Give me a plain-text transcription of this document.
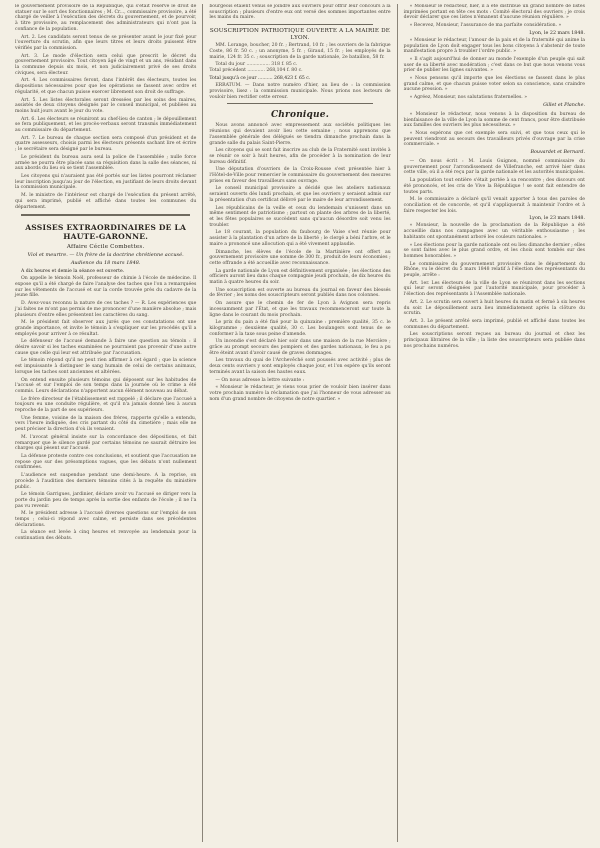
le gouvernement provisoire de la République, qui s'était réservé le droit de statuer sur le sort des fonctionnaires ; M. Cr..., commissaire provisoire, a été chargé de veiller à l'exécution des décrets du gouvernement, et de pourvoir, à titre provisoire, au remplacement des administrateurs qui n'ont pas la confiance de la population.

Art. 2. Les candidats seront tenus de se présenter avant le jour fixé pour l'ouverture du scrutin, afin que leurs titres et leurs droits puissent être vérifiés par la commission.

Art. 3. Le mode d'élection sera celui que prescrit le décret du gouvernement provisoire. Tout citoyen âgé de vingt et un ans, résidant dans la commune depuis six mois, et non judiciairement privé de ses droits civiques, sera électeur.

Art. 4. Les commissaires feront, dans l'intérêt des électeurs, toutes les dispositions nécessaires pour que les opérations se fassent avec ordre et régularité, et que chacun puisse exercer librement son droit de suffrage.

Art. 5. Les listes électorales seront dressées par les soins des maires, assistés de deux citoyens désignés par le conseil municipal, et publiées au moins huit jours avant le jour du vote.

Art. 6. Les électeurs se réuniront au chef-lieu de canton ; le dépouillement se fera publiquement, et les procès-verbaux seront transmis immédiatement au commissaire du département.

Art. 7. Le bureau de chaque section sera composé d'un président et de quatre assesseurs, choisis parmi les électeurs présents sachant lire et écrire ; le secrétaire sera désigné par le bureau.

Le président du bureau aura seul la police de l'assemblée ; nulle force armée ne pourra être placée sans sa réquisition dans la salle des séances, ni aux abords du lieu où se tient l'assemblée.

Les citoyens qui n'auraient pas été portés sur les listes pourront réclamer leur inscription jusqu'au jour de l'élection, en justifiant de leurs droits devant la commission municipale.

M. le ministre de l'intérieur est chargé de l'exécution du présent arrêté, qui sera imprimé, publié et affiché dans toutes les communes du département.

ASSISES EXTRAORDINAIRES DE LA HAUTE-GARONNE.
Affaire Cécile Combettes.
Viol et meurtre. — Un frère de la doctrine chrétienne accusé.
Audience du 18 mars 1848.

A dix heures et demie la séance est ouverte.

On appelle le témoin Noël, professeur de chimie à l'école de médecine. Il expose qu'il a été chargé de faire l'analyse des taches que l'on a remarquées sur les vêtements de l'accusé et sur la corde trouvée près du cadavre de la jeune fille.

D. Avez-vous reconnu la nature de ces taches ? — R. Les expériences que j'ai faites ne m'ont pas permis de me prononcer d'une manière absolue ; mais plusieurs d'entre elles présentent les caractères du sang.

M. le président fait observer aux jurés que ces constatations ont une grande importance, et invite le témoin à s'expliquer sur les procédés qu'il a employés pour arriver à ce résultat.

Le défenseur de l'accusé demande à faire une question au témoin : il désire savoir si les taches examinées ne pourraient pas provenir d'une autre cause que celle qui leur est attribuée par l'accusation.

Le témoin répond qu'il ne peut rien affirmer à cet égard ; que la science est impuissante à distinguer le sang humain de celui de certains animaux, lorsque les taches sont anciennes et altérées.

On entend ensuite plusieurs témoins qui déposent sur les habitudes de l'accusé et sur l'emploi de son temps dans la journée où le crime a été commis. Leurs déclarations n'apportent aucun élément nouveau au débat.

Le frère directeur de l'établissement est rappelé ; il déclare que l'accusé a toujours eu une conduite régulière, et qu'il n'a jamais donné lieu à aucun reproche de la part de ses supérieurs.

Une femme, voisine de la maison des frères, rapporte qu'elle a entendu, vers l'heure indiquée, des cris partant du côté du cimetière ; mais elle ne peut préciser la direction d'où ils venaient.

M. l'avocat général insiste sur la concordance des dépositions, et fait remarquer que le silence gardé par certains témoins ne saurait détruire les charges qui pèsent sur l'accusé.

La défense proteste contre ces conclusions, et soutient que l'accusation ne repose que sur des présomptions vagues, que les débats n'ont nullement confirmées.

L'audience est suspendue pendant une demi-heure. A la reprise, on procède à l'audition des derniers témoins cités à la requête du ministère public.

Le témoin Garrigues, jardinier, déclare avoir vu l'accusé se diriger vers la porte du jardin peu de temps après la sortie des enfants de l'école ; il ne l'a pas vu revenir.

M. le président adresse à l'accusé diverses questions sur l'emploi de son temps ; celui-ci répond avec calme, et persiste dans ses précédentes déclarations.

La séance est levée à cinq heures et renvoyée au lendemain pour la continuation des débats.

bourgeois étaient venus se joindre aux ouvriers pour offrir leur concours à la souscription ; plusieurs d'entre eux ont versé des sommes importantes entre les mains du maire.

SOUSCRIPTION PATRIOTIQUE OUVERTE A LA MAIRIE DE LYON.

MM. Lorange, boucher, 20 fr. ; Bertrand, 10 fr. ; les ouvriers de la fabrique Coste, 86 fr. 50 c. ; un anonyme, 5 fr. ; Giraud, 15 fr. ; les employés de la mairie, 124 fr. 35 c. ; souscription de la garde nationale, 2e bataillon, 58 fr.

Total du jour ................ 318 f. 85 c.
Total précédent ............ 268,104 f. 80 c.

Total jusqu'à ce jour .......... 268,423 f. 65 c.

ERRATUM. — Dans notre numéro d'hier, au lieu de : la commission provisoire, lisez : la commission municipale. Nous prions nos lecteurs de vouloir bien rectifier cette erreur.

Chronique.

Nous avons annoncé avec empressement aux sociétés politiques les réunions qui devaient avoir lieu cette semaine ; nous apprenons que l'assemblée générale des délégués se tiendra dimanche prochain dans la grande salle du palais Saint-Pierre.

Les citoyens qui se sont fait inscrire au club de la Fraternité sont invités à se réunir ce soir à huit heures, afin de procéder à la nomination de leur bureau définitif.

Une députation d'ouvriers de la Croix-Rousse s'est présentée hier à l'Hôtel-de-Ville pour remercier le commissaire du gouvernement des mesures prises en faveur des travailleurs sans ouvrage.

Le conseil municipal provisoire a décidé que les ateliers nationaux seraient ouverts dès lundi prochain, et que les ouvriers y seraient admis sur la présentation d'un certificat délivré par le maire de leur arrondissement.

Les républicains de la veille et ceux du lendemain s'unissent dans un même sentiment de patriotisme ; partout on plante des arbres de la liberté, et les fêtes populaires se succèdent sans qu'aucun désordre soit venu les troubler.

Le 18 courant, la population du faubourg de Vaise s'est réunie pour assister à la plantation d'un arbre de la liberté ; le clergé a béni l'arbre, et le maire a prononcé une allocution qui a été vivement applaudie.

Dimanche, les élèves de l'école de la Martinière ont offert au gouvernement provisoire une somme de 300 fr., produit de leurs économies ; cette offrande a été accueillie avec reconnaissance.

La garde nationale de Lyon est définitivement organisée ; les élections des officiers auront lieu dans chaque compagnie jeudi prochain, de dix heures du matin à quatre heures du soir.

Une souscription est ouverte au bureau du journal en faveur des blessés de février ; les noms des souscripteurs seront publiés dans nos colonnes.

On assure que le chemin de fer de Lyon à Avignon sera repris incessamment par l'État, et que les travaux recommenceront sur toute la ligne dans le courant du mois prochain.

Le prix du pain a été fixé pour la quinzaine : première qualité, 35 c. le kilogramme ; deuxième qualité, 30 c. Les boulangers sont tenus de se conformer à la taxe sous peine d'amende.

Un incendie s'est déclaré hier soir dans une maison de la rue Mercière ; grâce au prompt secours des pompiers et des gardes nationaux, le feu a pu être éteint avant d'avoir causé de graves dommages.

Les travaux du quai de l'Archevêché sont poussés avec activité ; plus de deux cents ouvriers y sont employés chaque jour, et l'on espère qu'ils seront terminés avant la saison des hautes eaux.

— On nous adresse la lettre suivante :

« Monsieur le rédacteur, je viens vous prier de vouloir bien insérer dans votre prochain numéro la réclamation que j'ai l'honneur de vous adresser au nom d'un grand nombre de citoyens de notre quartier. »

« Monsieur le rédacteur, hier, il a été distribué un grand nombre de listes imprimées portant en tête ces mots : Comité électoral des ouvriers ; je crois devoir déclarer que ces listes n'émanent d'aucune réunion régulière. »

« Recevez, Monsieur, l'assurance de ma parfaite considération. »

Lyon, le 22 mars 1848.

« Monsieur le rédacteur, l'amour de la paix et de la fraternité qui anime la population de Lyon doit engager tous les bons citoyens à s'abstenir de toute manifestation propre à troubler l'ordre public. »

« Il s'agit aujourd'hui de donner au monde l'exemple d'un peuple qui sait user de sa liberté avec modération ; c'est dans ce but que nous venons vous prier de publier les lignes suivantes. »

« Nous pensons qu'il importe que les élections se fassent dans le plus grand calme, et que chacun puisse voter selon sa conscience, sans craindre aucune pression. »

« Agréez, Monsieur, nos salutations fraternelles. »

Gillet et Planche.

« Monsieur le rédacteur, nous venons à la disposition du bureau de bienfaisance de la ville de Lyon la somme de cent francs, pour être distribuée aux familles des ouvriers les plus nécessiteux. »

« Nous espérons que cet exemple sera suivi, et que tous ceux qui le peuvent viendront au secours des travailleurs privés d'ouvrage par la crise commerciale. »

Bouvardet et Bernard.

— On nous écrit : M. Louis Guignon, nommé commissaire du gouvernement pour l'arrondissement de Villefranche, est arrivé hier dans cette ville, où il a été reçu par la garde nationale et les autorités municipales.

La population tout entière s'était portée à sa rencontre ; des discours ont été prononcés, et les cris de Vive la République ! se sont fait entendre de toutes parts.

M. le commissaire a déclaré qu'il venait apporter à tous des paroles de conciliation et de concorde, et qu'il s'appliquerait à maintenir l'ordre et à faire respecter les lois.

Lyon, le 23 mars 1848.

« Monsieur, la nouvelle de la proclamation de la République a été accueillie dans nos campagnes avec un véritable enthousiasme ; les habitants ont spontanément arboré les couleurs nationales. »

« Les élections pour la garde nationale ont eu lieu dimanche dernier ; elles se sont faites avec le plus grand ordre, et les choix sont tombés sur des hommes honorables. »

Le commissaire du gouvernement provisoire dans le département du Rhône, vu le décret du 5 mars 1848 relatif à l'élection des représentants du peuple, arrête :

Art. 1er. Les électeurs de la ville de Lyon se réuniront dans les sections qui leur seront désignées par l'autorité municipale, pour procéder à l'élection des représentants à l'Assemblée nationale.

Art. 2. Le scrutin sera ouvert à huit heures du matin et fermé à six heures du soir. Le dépouillement aura lieu immédiatement après la clôture du scrutin.

Art. 3. Le présent arrêté sera imprimé, publié et affiché dans toutes les communes du département.

Les souscriptions seront reçues au bureau du journal et chez les principaux libraires de la ville ; la liste des souscripteurs sera publiée dans nos prochains numéros.
